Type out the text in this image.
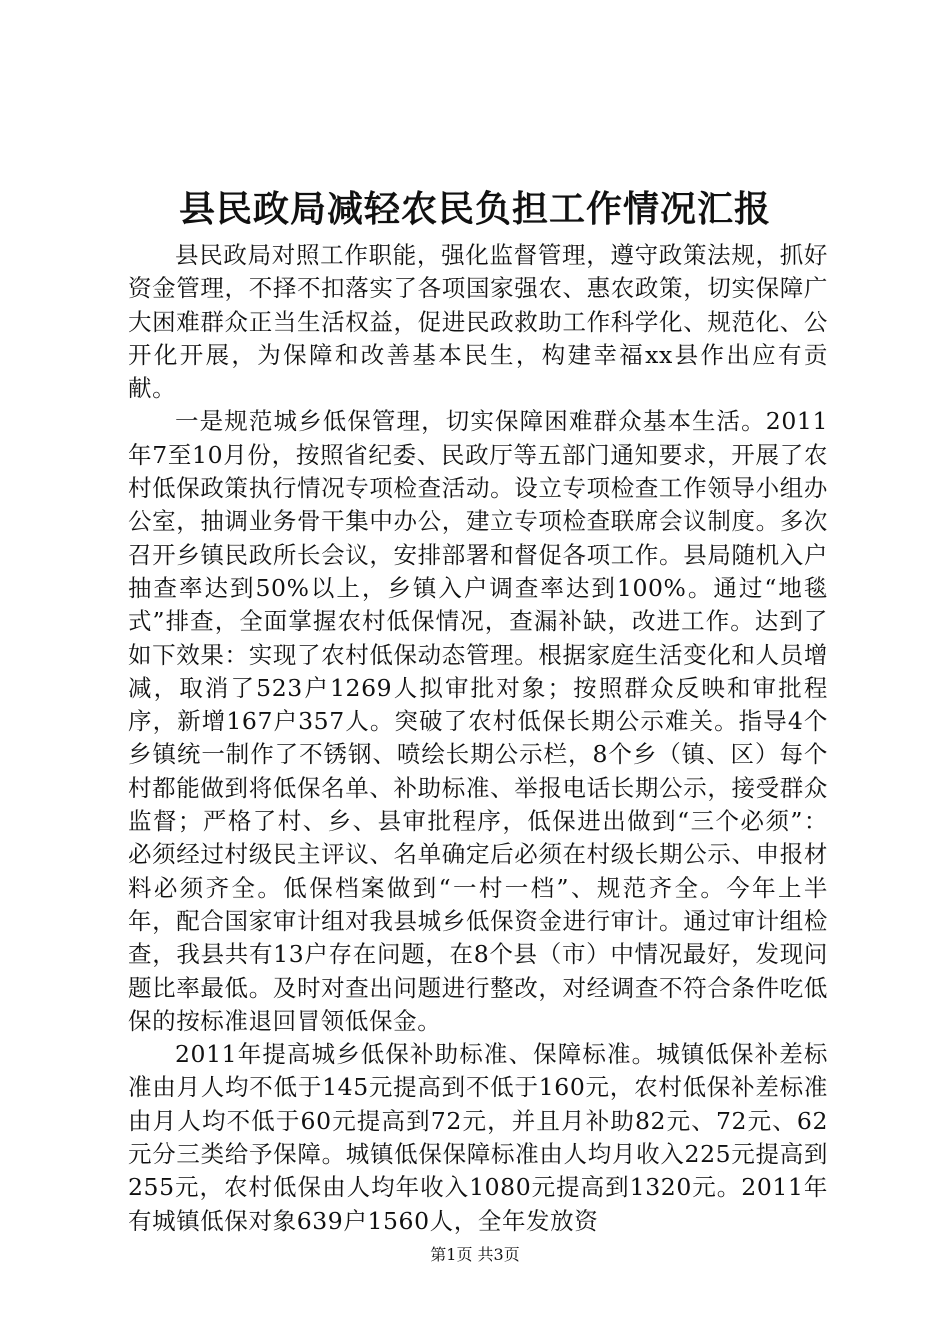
县民政局减轻农民负担工作情况汇报

县民政局对照工作职能，强化监督管理，遵守政策法规，抓好资金管理，不择不扣落实了各项国家强农、惠农政策，切实保障广大困难群众正当生活权益，促进民政救助工作科学化、规范化、公开化开展，为保障和改善基本民生，构建幸福xx县作出应有贡献。

一是规范城乡低保管理，切实保障困难群众基本生活。2011年7至10月份，按照省纪委、民政厅等五部门通知要求，开展了农村低保政策执行情况专项检查活动。设立专项检查工作领导小组办公室，抽调业务骨干集中办公，建立专项检查联席会议制度。多次召开乡镇民政所长会议，安排部署和督促各项工作。县局随机入户抽查率达到50%以上，乡镇入户调查率达到100%。通过“地毯式”排查，全面掌握农村低保情况，查漏补缺，改进工作。达到了如下效果：实现了农村低保动态管理。根据家庭生活变化和人员增减，取消了523户1269人拟审批对象；按照群众反映和审批程序，新增167户357人。突破了农村低保长期公示难关。指导4个乡镇统一制作了不锈钢、喷绘长期公示栏，8个乡（镇、区）每个村都能做到将低保名单、补助标准、举报电话长期公示，接受群众监督；严格了村、乡、县审批程序，低保进出做到“三个必须”：必须经过村级民主评议、名单确定后必须在村级长期公示、申报材料必须齐全。低保档案做到“一村一档”、规范齐全。今年上半年，配合国家审计组对我县城乡低保资金进行审计。通过审计组检查，我县共有13户存在问题，在8个县（市）中情况最好，发现问题比率最低。及时对查出问题进行整改，对经调查不符合条件吃低保的按标准退回冒领低保金。

2011年提高城乡低保补助标准、保障标准。城镇低保补差标准由月人均不低于145元提高到不低于160元，农村低保补差标准由月人均不低于60元提高到72元，并且月补助82元、72元、62元分三类给予保障。城镇低保保障标准由人均月收入225元提高到255元，农村低保由人均年收入1080元提高到1320元。2011年有城镇低保对象639户1560人，全年发放资

第1页 共3页
